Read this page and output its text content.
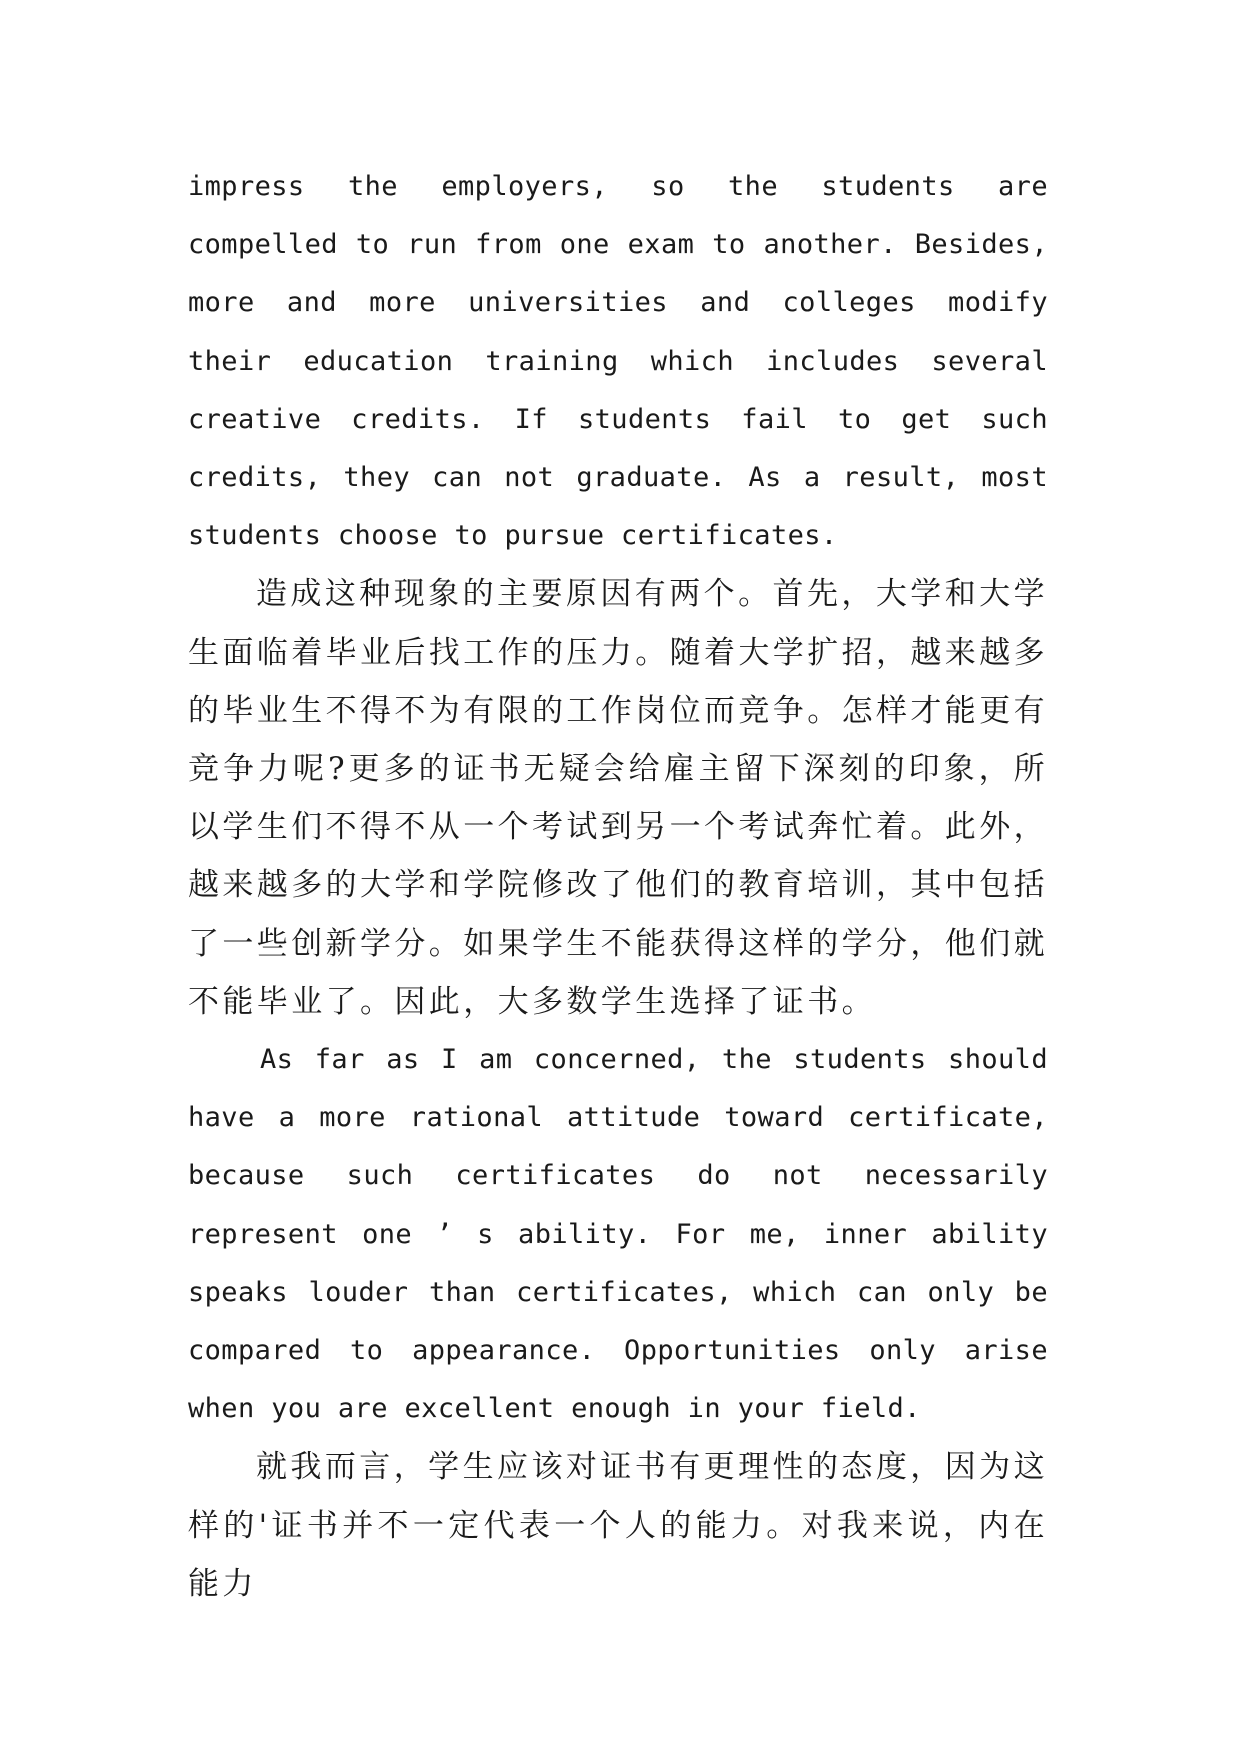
impress the employers, so the students are compelled to run from one exam to another. Besides, more and more universities and colleges modify their education training which includes several creative credits. If students fail to get such credits, they can not graduate. As a result, most students choose to pursue certificates.

造成这种现象的主要原因有两个。首先，大学和大学生面临着毕业后找工作的压力。随着大学扩招，越来越多的毕业生不得不为有限的工作岗位而竞争。怎样才能更有竞争力呢?更多的证书无疑会给雇主留下深刻的印象，所以学生们不得不从一个考试到另一个考试奔忙着。此外，越来越多的大学和学院修改了他们的教育培训，其中包括了一些创新学分。如果学生不能获得这样的学分，他们就不能毕业了。因此，大多数学生选择了证书。

As far as I am concerned, the students should have a more rational attitude toward certificate, because such certificates do not necessarily represent one ’ s ability. For me, inner ability speaks louder than certificates, which can only be compared to appearance. Opportunities only arise when you are excellent enough in your field.

就我而言，学生应该对证书有更理性的态度，因为这样的'证书并不一定代表一个人的能力。对我来说，内在能力
